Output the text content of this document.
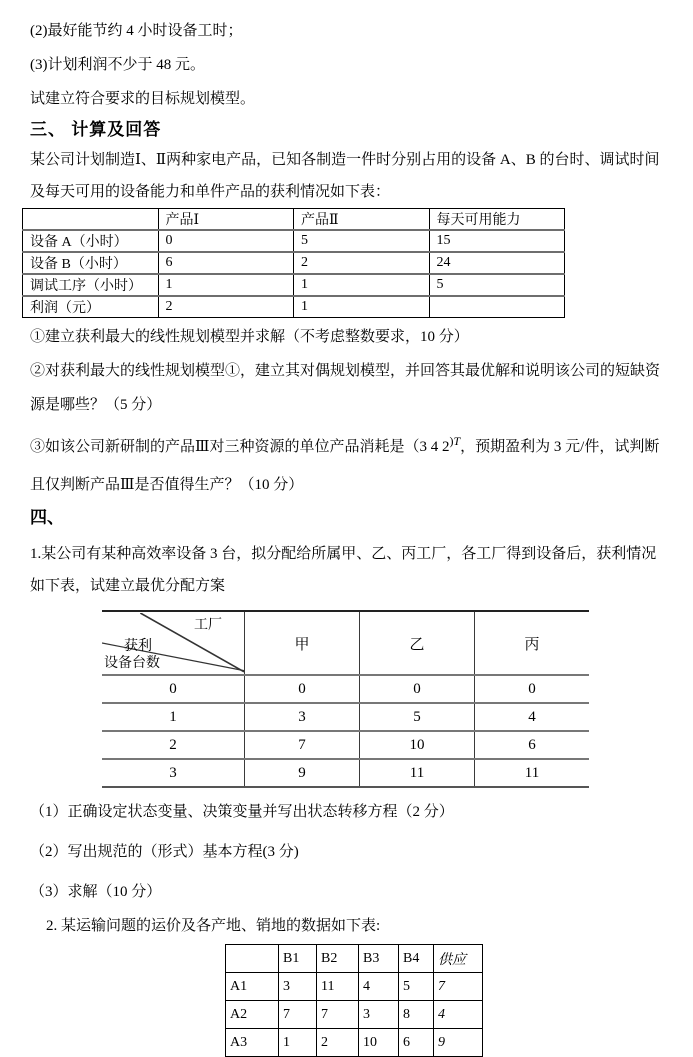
(2)最好能节约 4 小时设备工时；

(3)计划利润不少于 48 元。

试建立符合要求的目标规划模型。

三、 计算及回答

某公司计划制造Ⅰ、Ⅱ两种家电产品，已知各制造一件时分别占用的设备 A、B 的台时、调试时间及每天可用的设备能力和单件产品的获利情况如下表：

	产品Ⅰ	产品Ⅱ	每天可用能力
设备 A（小时）	0	5	15
设备 B（小时）	6	2	24
调试工序（小时）	1	1	5
利润（元）	2	1	

①建立获利最大的线性规划模型并求解（不考虑整数要求，10 分）

②对获利最大的线性规划模型①，建立其对偶规划模型，并回答其最优解和说明该公司的短缺资源是哪些？（5 分）

③如该公司新研制的产品Ⅲ对三种资源的单位产品消耗是（3 4 $2^{)T}$，预期盈利为 3 元/件，试判断且仅判断产品Ⅲ是否值得生产？（10 分）

四、

1.某公司有某种高效率设备 3 台，拟分配给所属甲、乙、丙工厂，各工厂得到设备后，获利情况如下表，试建立最优分配方案

工厂
获利
设备台数	甲	乙	丙
0	0	0	0
1	3	5	4
2	7	10	6
3	9	11	11

（1）正确设定状态变量、决策变量并写出状态转移方程（2 分）

（2）写出规范的（形式）基本方程(3 分)

（3）求解（10 分）

2. 某运输问题的运价及各产地、销地的数据如下表:

	B1	B2	B3	B4	供应
A1	3	11	4	5	7
A2	7	7	3	8	4
A3	1	2	10	6	9
